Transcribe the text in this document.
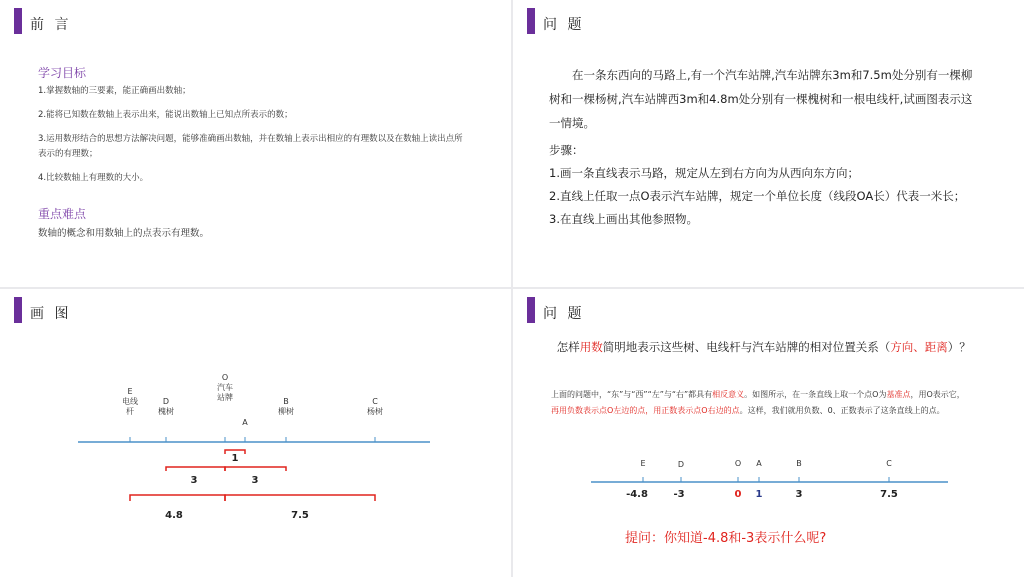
前 言
学习目标
1.掌握数轴的三要素，能正确画出数轴；
2.能将已知数在数轴上表示出来，能说出数轴上已知点所表示的数；
3.运用数形结合的思想方法解决问题，能够准确画出数轴，并在数轴上表示出相应的有理数以及在数轴上读出点所表示的有理数；
4.比较数轴上有理数的大小。
重点难点
数轴的概念和用数轴上的点表示有理数。
问 题
在一条东西向的马路上,有一个汽车站牌,汽车站牌东3m和7.5m处分别有一棵柳树和一棵杨树,汽车站牌西3m和4.8m处分别有一棵槐树和一根电线杆,试画图表示这一情境。
步骤：
1.画一条直线表示马路，规定从左到右方向为从西向东方向；
2.直线上任取一点O表示汽车站牌，规定一个单位长度（线段OA长）代表一米长；
3.在直线上画出其他参照物。
画 图
E
电线
杆
D
槐树
O
汽车
站牌
A
B
柳树
C
杨树
1
3	3
4.8	7.5
问 题
怎样用数简明地表示这些树、电线杆与汽车站牌的相对位置关系（方向、距离）？
上面的问题中，“东”与“西”“左”与“右”都具有相反意义。如图所示，在一条直线上取一个点O为基准点，用O表示它，再用负数表示点O左边的点，用正数表示点O右边的点。这样，我们就用负数、0、正数表示了这条直线上的点。
E	D	O A	B	C
-4.8	-3	0 1	3	7.5
提问：你知道-4.8和-3表示什么呢?
